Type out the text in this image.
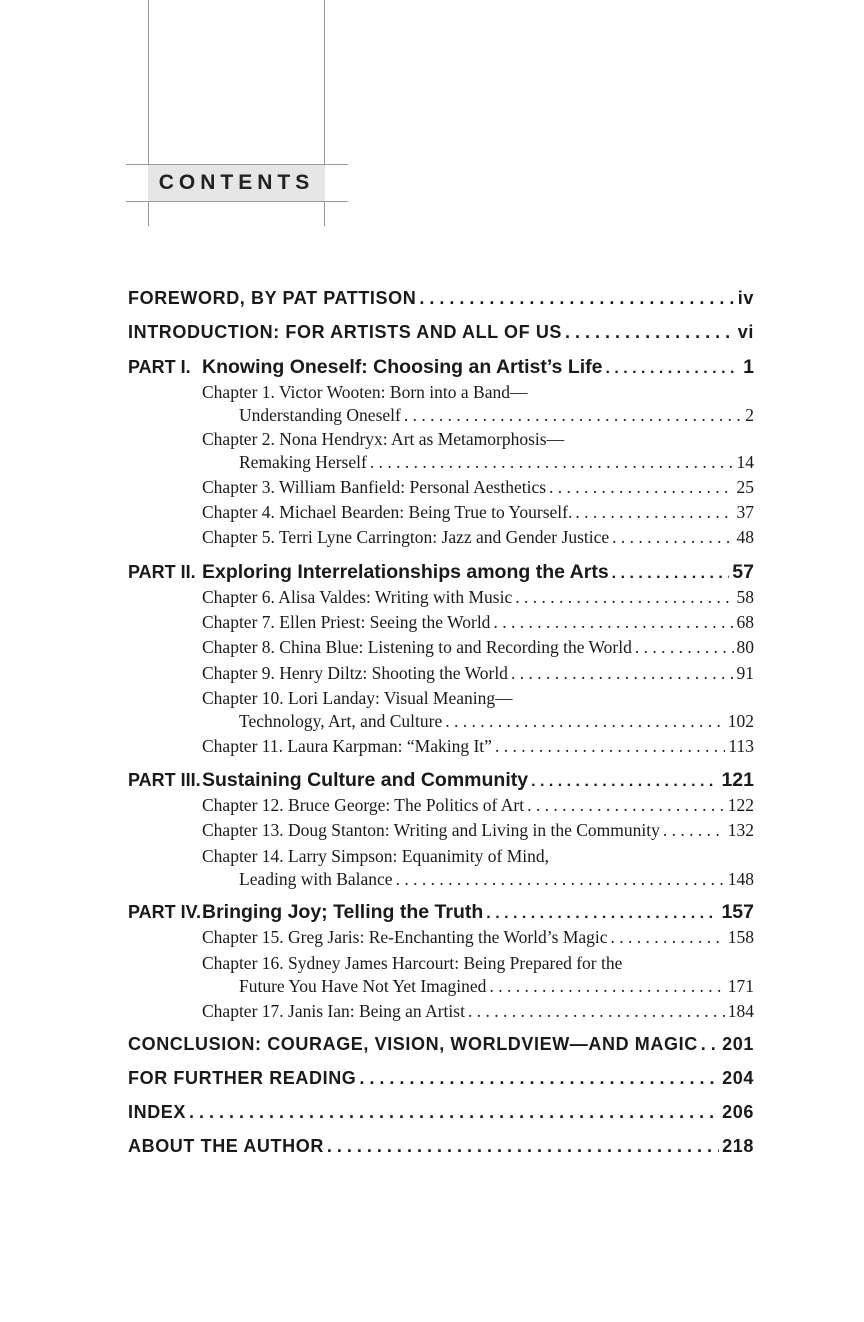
CONTENTS
FOREWORD, BY PAT PATTISON . . .	iv
INTRODUCTION: FOR ARTISTS AND ALL OF US . . .	vi
PART I. Knowing Oneself: Choosing an Artist’s Life . . .	1
Chapter 1. Victor Wooten: Born into a Band—
Understanding Oneself . . .	2
Chapter 2. Nona Hendryx: Art as Metamorphosis—
Remaking Herself . . .	14
Chapter 3. William Banfield: Personal Aesthetics . . .	25
Chapter 4. Michael Bearden: Being True to Yourself. . . .	37
Chapter 5. Terri Lyne Carrington: Jazz and Gender Justice . . .	48
PART II. Exploring Interrelationships among the Arts . . .	57
Chapter 6. Alisa Valdes: Writing with Music . . .	58
Chapter 7. Ellen Priest: Seeing the World . . .	68
Chapter 8. China Blue: Listening to and Recording the World . . .	80
Chapter 9. Henry Diltz: Shooting the World . . .	91
Chapter 10. Lori Landay: Visual Meaning—
Technology, Art, and Culture . . .	102
Chapter 11. Laura Karpman: “Making It” . . .	113
PART III. Sustaining Culture and Community . . .	121
Chapter 12. Bruce George: The Politics of Art . . .	122
Chapter 13. Doug Stanton: Writing and Living in the Community . . .	132
Chapter 14. Larry Simpson: Equanimity of Mind,
Leading with Balance . . .	148
PART IV. Bringing Joy; Telling the Truth . . .	157
Chapter 15. Greg Jaris: Re-Enchanting the World’s Magic . . .	158
Chapter 16. Sydney James Harcourt: Being Prepared for the
Future You Have Not Yet Imagined . . .	171
Chapter 17. Janis Ian: Being an Artist . . .	184
CONCLUSION: COURAGE, VISION, WORLDVIEW—AND MAGIC . . . 201
FOR FURTHER READING . . .	204
INDEX . . .	206
ABOUT THE AUTHOR . . .	218
